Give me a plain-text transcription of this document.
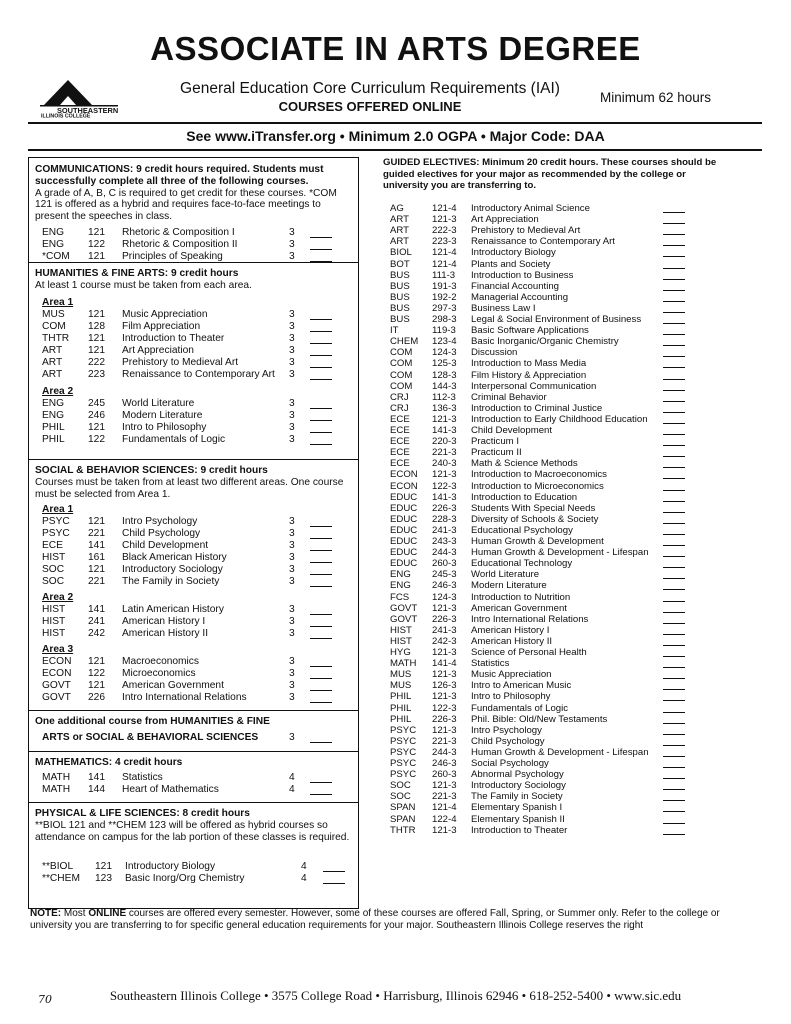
ASSOCIATE IN ARTS DEGREE
SOUTHEASTERN
ILLINOIS COLLEGE
General Education Core Curriculum Requirements (IAI)
COURSES OFFERED ONLINE
Minimum 62 hours
See www.iTransfer.org • Minimum 2.0 OGPA • Major Code: DAA
COMMUNICATIONS: 9 credit hours required. Students must successfully complete all three of the following courses.
A grade of A, B, C is required to get credit for these courses. *COM 121 is offered as a hybrid and requires face-to-face meetings to present the speeches in class.
ENG 121 Rhetoric & Composition I	3
ENG 122 Rhetoric & Composition II	3
*COM 121 Principles of Speaking	3
HUMANITIES & FINE ARTS: 9 credit hours
At least 1 course must be taken from each area.
Area 1
MUS 121 Music Appreciation	3
COM 128 Film Appreciation	3
THTR 121 Introduction to Theater	3
ART	121 Art Appreciation	3
ART	222 Prehistory to Medieval Art	3
ART	223 Renaissance to Contemporary Art 3
Area 2
ENG 245 World Literature	3
ENG 246 Modern Literature	3
PHIL 121 Intro to Philosophy	3
PHIL 122 Fundamentals of Logic	3
SOCIAL & BEHAVIOR SCIENCES: 9 credit hours
Courses must be taken from at least two different areas. One course must be selected from Area 1.
Area 1
PSYC 121 Intro Psychology	3
PSYC 221 Child Psychology	3
ECE 141 Child Development	3
HIST 161 Black American History	3
SOC 121 Introductory Sociology	3
SOC 221 The Family in Society	3
Area 2
HIST 141 Latin American History	3
HIST 241 American History I	3
HIST 242 American History II	3
Area 3
ECON 121 Macroeconomics	3
ECON 122 Microeconomics	3
GOVT 121 American Government	3
GOVT 226 Intro International Relations	3
One additional course from HUMANITIES & FINE
ARTS or SOCIAL & BEHAVIORAL SCIENCES	3
MATHEMATICS: 4 credit hours
MATH 141 Statistics	4
MATH 144 Heart of Mathematics	4
PHYSICAL & LIFE SCIENCES: 8 credit hours
**BIOL 121 and **CHEM 123 will be offered as hybrid courses so attendance on campus for the lab portion of these classes is required.
**BIOL 121 Introductory Biology	4
**CHEM 123 Basic Inorg/Org Chemistry	4
GUIDED ELECTIVES: Minimum 20 credit hours. These courses should be guided electives for your major as recommended by the college or university you are transferring to.
AG	121-4 Introductory Animal Science
ART 121-3 Art Appreciation
ART 222-3 Prehistory to Medieval Art
ART 223-3 Renaissance to Contemporary Art
BIOL 121-4 Introductory Biology
BOT 121-4 Plants and Society
BUS 111-3 Introduction to Business
BUS 191-3 Financial Accounting
BUS 192-2 Managerial Accounting
BUS 297-3 Business Law I
BUS 298-3 Legal & Social Environment of Business
IT	119-3 Basic Software Applications
CHEM 123-4 Basic Inorganic/Organic Chemistry
COM 124-3 Discussion
COM 125-3 Introduction to Mass Media
COM 128-3 Film History & Appreciation
COM 144-3 Interpersonal Communication
CRJ 112-3 Criminal Behavior
CRJ 136-3 Introduction to Criminal Justice
ECE 121-3 Introduction to Early Childhood Education
ECE 141-3 Child Development
ECE 220-3 Practicum I
ECE 221-3 Practicum II
ECE 240-3 Math & Science Methods
ECON 121-3 Introduction to Macroeconomics
ECON 122-3 Introduction to Microeconomics
EDUC 141-3 Introduction to Education
EDUC 226-3 Students With Special Needs
EDUC 228-3 Diversity of Schools & Society
EDUC 241-3 Educational Psychology
EDUC 243-3 Human Growth & Development
EDUC 244-3 Human Growth & Development - Lifespan
EDUC 260-3 Educational Technology
ENG 245-3 World Literature
ENG 246-3 Modern Literature
FCS 124-3 Introduction to Nutrition
GOVT 121-3 American Government
GOVT 226-3 Intro International Relations
HIST 241-3 American History I
HIST 242-3 American History II
HYG 121-3 Science of Personal Health
MATH 141-4 Statistics
MUS 121-3 Music Appreciation
MUS 126-3 Intro to American Music
PHIL 121-3 Intro to Philosophy
PHIL 122-3 Fundamentals of Logic
PHIL 226-3 Phil. Bible: Old/New Testaments
PSYC 121-3 Intro Psychology
PSYC 221-3 Child Psychology
PSYC 244-3 Human Growth & Development - Lifespan
PSYC 246-3 Social Psychology
PSYC 260-3 Abnormal Psychology
SOC 121-3 Introductory Sociology
SOC 221-3 The Family in Society
SPAN 121-4 Elementary Spanish I
SPAN 122-4 Elementary Spanish II
THTR 121-3 Introduction to Theater
NOTE: Most ONLINE courses are offered every semester. However, some of these courses are offered Fall, Spring, or Summer only. Refer to the college or university you are transferring to for specific general education requirements for your major. Southeastern Illinois College reserves the right
70	Southeastern Illinois College • 3575 College Road • Harrisburg, Illinois 62946 • 618-252-5400 • www.sic.edu
